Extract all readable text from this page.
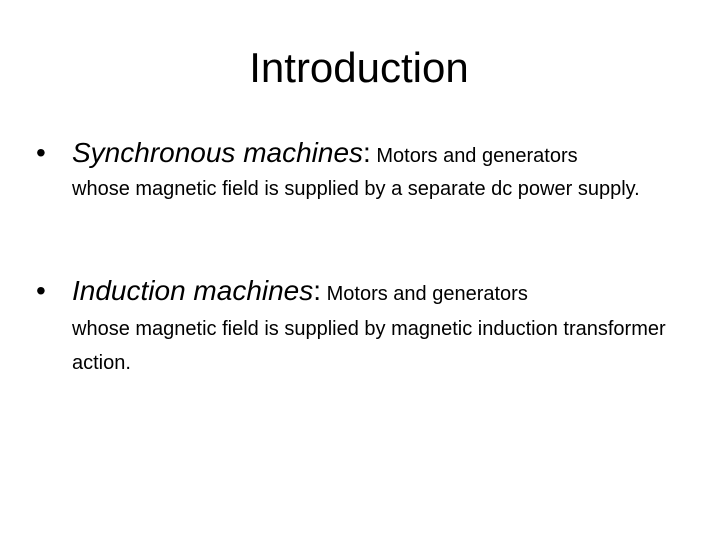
Introduction
• Synchronous machines: Motors and generators
whose magnetic field is supplied by a separate dc power supply.
• Induction machines: Motors and generators
whose magnetic field is supplied by magnetic induction transformer action.
